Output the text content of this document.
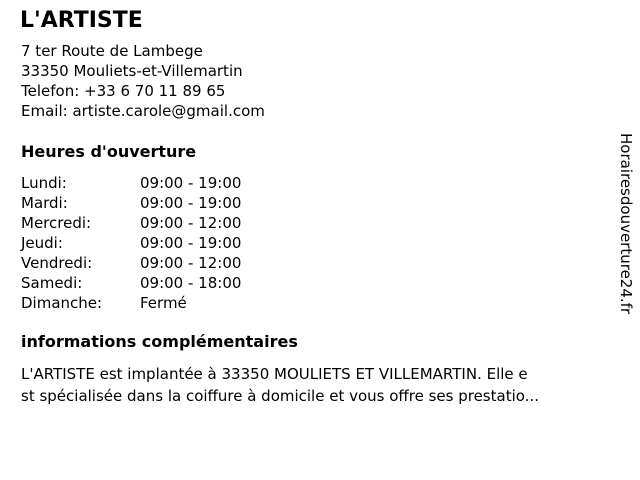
L'ARTISTE
7 ter Route de Lambege
33350 Mouliets-et-Villemartin
Telefon: +33 6 70 11 89 65
Email: artiste.carole@gmail.com
Heures d'ouverture
Lundi:	09:00 - 19:00
Mardi:	09:00 - 19:00
Mercredi:	09:00 - 12:00
Jeudi:	09:00 - 19:00
Vendredi:	09:00 - 12:00
Samedi:	09:00 - 18:00
Dimanche:	Fermé
informations complémentaires
L'ARTISTE est implantée à 33350 MOULIETS ET VILLEMARTIN. Elle e
st spécialisée dans la coiffure à domicile et vous offre ses prestatio...
Horairesdouverture24.fr
